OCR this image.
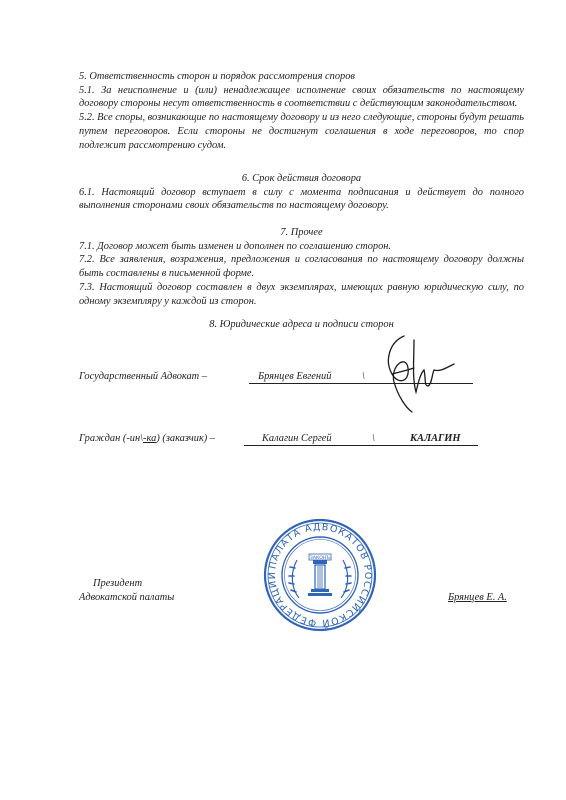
5. Ответственность сторон и порядок рассмотрения споров

5.1. За неисполнение и (или) ненадлежащее исполнение своих обязательств по настоящему договору стороны несут ответственность в соответствии с действующим законодательством.

5.2. Все споры, возникающие по настоящему договору и из него следующие, стороны будут решать путем переговоров. Если стороны не достигнут соглашения в ходе переговоров, то спор подлежит рассмотрению судом.

6. Срок действия договора

6.1. Настоящий договор вступает в силу с момента подписания и действует до полного выполнения сторонами своих обязательств по настоящему договору.

7. Прочее

7.1. Договор может быть изменен и дополнен по соглашению сторон.

7.2. Все заявления, возражения, предложения и согласования по настоящему договору должны быть составлены в письменной форме.

7.3. Настоящий договор составлен в двух экземплярах, имеющих равную юридическую силу, по одному экземпляру у каждой из сторон.

8. Юридические адреса и подписи сторон
Государственный Адвокат –	Брянцев Евгений	\
Граждан (-ин\-ка) (заказчик) –	Калагин Сергей	\	КАЛАГИН
ПАЛАТА АДВОКАТОВ РОССИЙСКОЙ ФЕДЕРАЦИИ
ЗАКОНЪ
Президент
Адвокатской палаты	Брянцев Е. А.
